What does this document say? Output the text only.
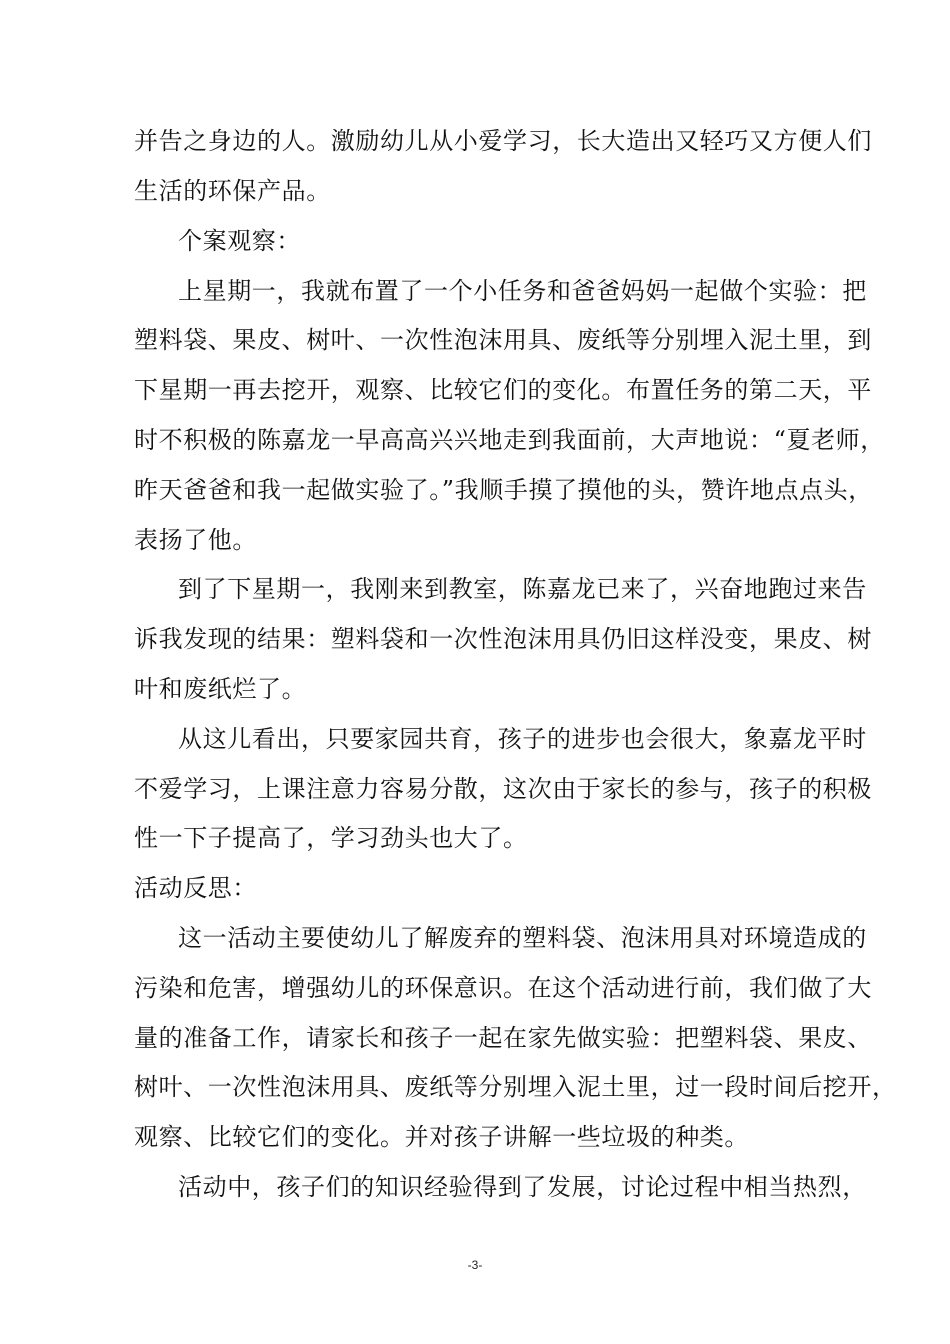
并告之身边的人。激励幼儿从小爱学习，长大造出又轻巧又方便人们
生活的环保产品。
个案观察：
上星期一，我就布置了一个小任务和爸爸妈妈一起做个实验：把
塑料袋、果皮、树叶、一次性泡沫用具、废纸等分别埋入泥土里，到
下星期一再去挖开，观察、比较它们的变化。布置任务的第二天，平
时不积极的陈嘉龙一早高高兴兴地走到我面前，大声地说：“夏老师，
昨天爸爸和我一起做实验了。”我顺手摸了摸他的头，赞许地点点头，
表扬了他。
到了下星期一，我刚来到教室，陈嘉龙已来了，兴奋地跑过来告
诉我发现的结果：塑料袋和一次性泡沫用具仍旧这样没变，果皮、树
叶和废纸烂了。
从这儿看出，只要家园共育，孩子的进步也会很大，象嘉龙平时
不爱学习，上课注意力容易分散，这次由于家长的参与，孩子的积极
性一下子提高了，学习劲头也大了。
活动反思：
这一活动主要使幼儿了解废弃的塑料袋、泡沫用具对环境造成的
污染和危害，增强幼儿的环保意识。在这个活动进行前，我们做了大
量的准备工作，请家长和孩子一起在家先做实验：把塑料袋、果皮、
树叶、一次性泡沫用具、废纸等分别埋入泥土里，过一段时间后挖开，
观察、比较它们的变化。并对孩子讲解一些垃圾的种类。
活动中，孩子们的知识经验得到了发展，讨论过程中相当热烈，
-3-
